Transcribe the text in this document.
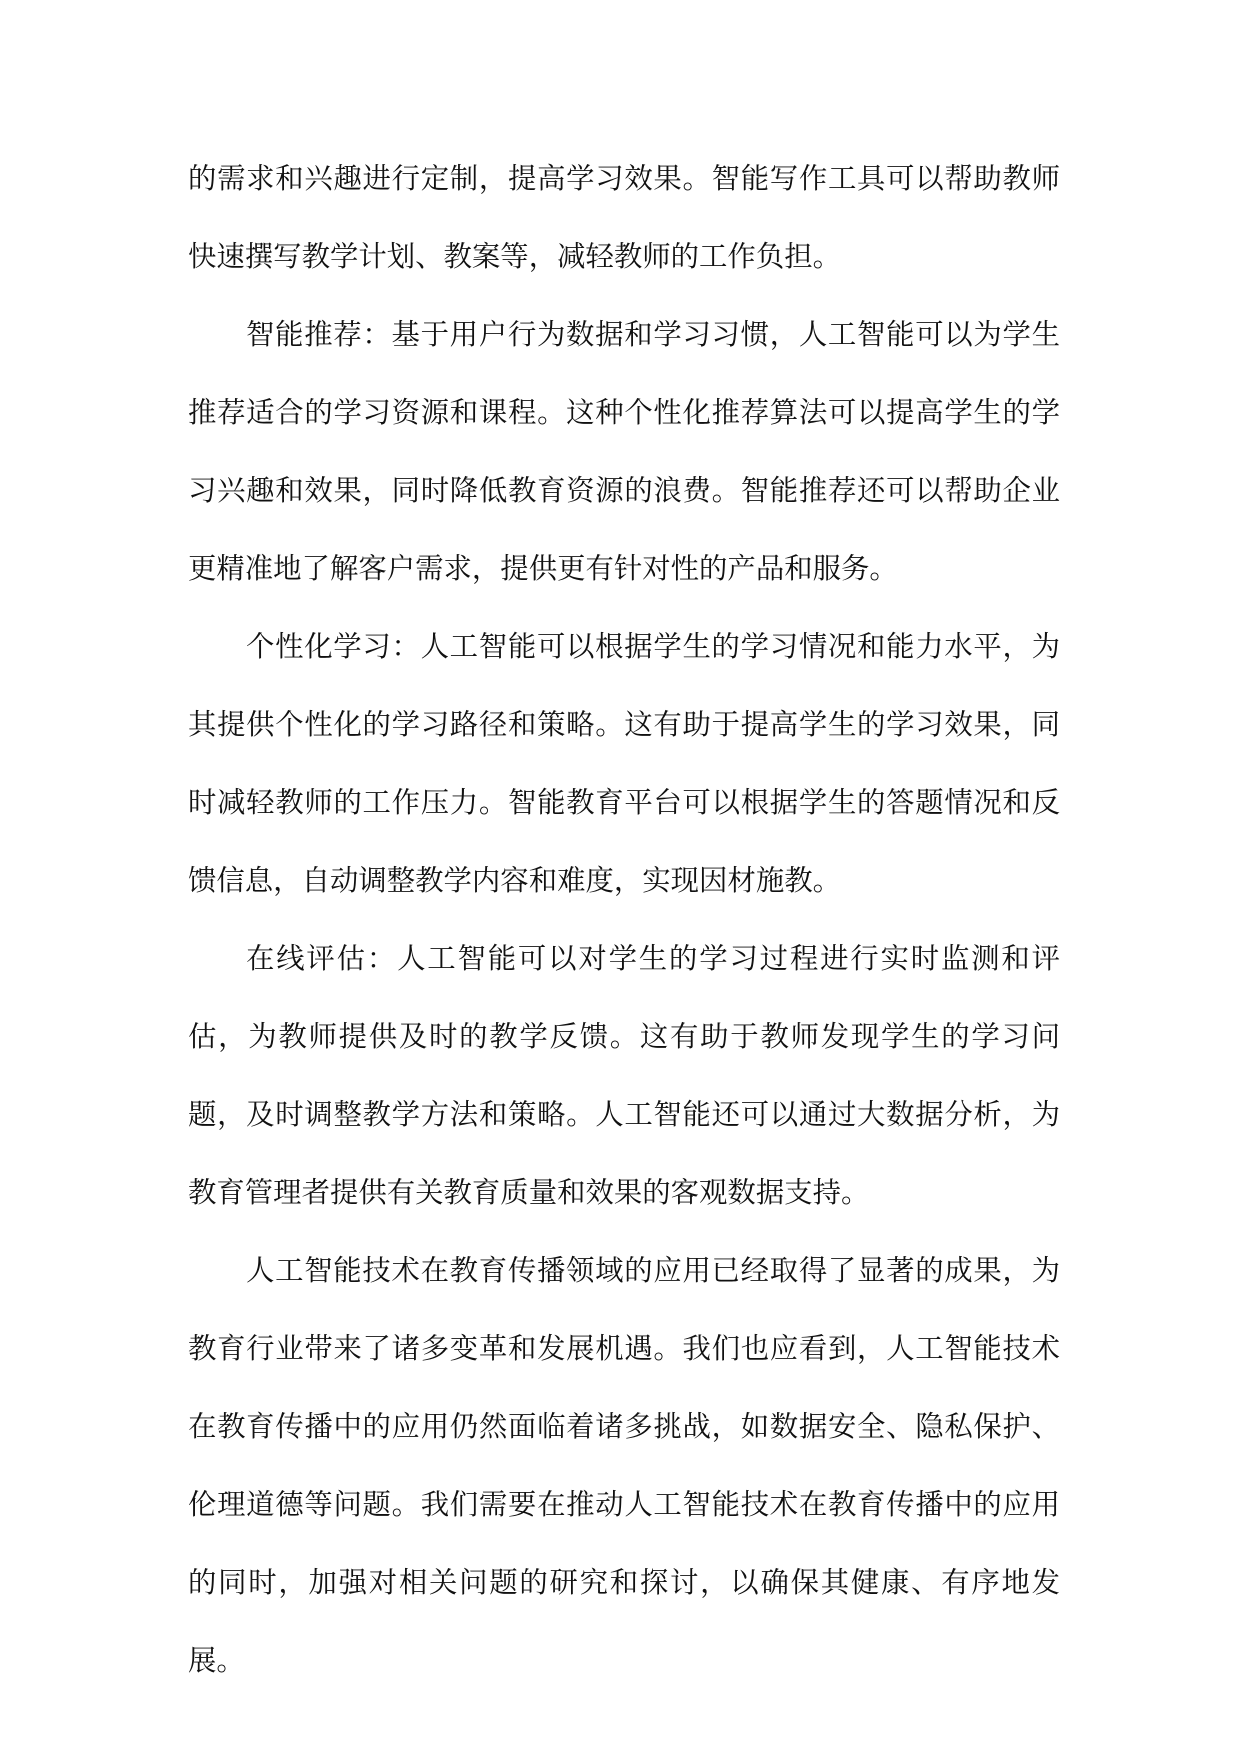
的需求和兴趣进行定制，提高学习效果。智能写作工具可以帮助教师快速撰写教学计划、教案等，减轻教师的工作负担。

智能推荐：基于用户行为数据和学习习惯，人工智能可以为学生推荐适合的学习资源和课程。这种个性化推荐算法可以提高学生的学习兴趣和效果，同时降低教育资源的浪费。智能推荐还可以帮助企业更精准地了解客户需求，提供更有针对性的产品和服务。

个性化学习：人工智能可以根据学生的学习情况和能力水平，为其提供个性化的学习路径和策略。这有助于提高学生的学习效果，同时减轻教师的工作压力。智能教育平台可以根据学生的答题情况和反馈信息，自动调整教学内容和难度，实现因材施教。

在线评估：人工智能可以对学生的学习过程进行实时监测和评估，为教师提供及时的教学反馈。这有助于教师发现学生的学习问题，及时调整教学方法和策略。人工智能还可以通过大数据分析，为教育管理者提供有关教育质量和效果的客观数据支持。

人工智能技术在教育传播领域的应用已经取得了显著的成果，为教育行业带来了诸多变革和发展机遇。我们也应看到，人工智能技术在教育传播中的应用仍然面临着诸多挑战，如数据安全、隐私保护、伦理道德等问题。我们需要在推动人工智能技术在教育传播中的应用的同时，加强对相关问题的研究和探讨，以确保其健康、有序地发展。
